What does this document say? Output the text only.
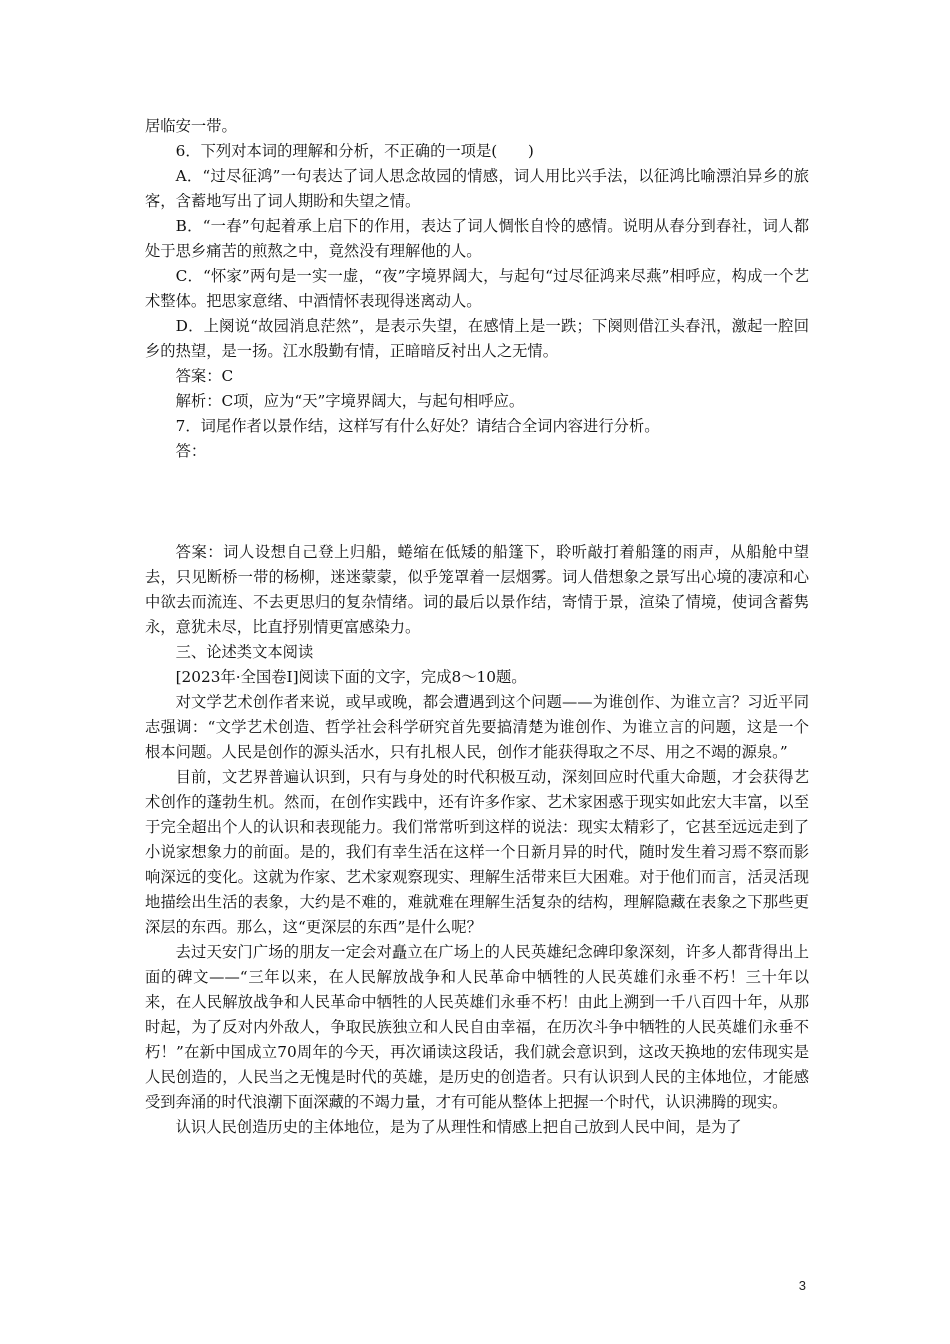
居临安一带。

6．下列对本词的理解和分析，不正确的一项是(　　)

A．“过尽征鸿”一句表达了词人思念故园的情感，词人用比兴手法，以征鸿比喻漂泊异乡的旅客，含蓄地写出了词人期盼和失望之情。

B．“一春”句起着承上启下的作用，表达了词人惆怅自怜的感情。说明从春分到春社，词人都处于思乡痛苦的煎熬之中，竟然没有理解他的人。

C．“怀家”两句是一实一虚，“夜”字境界阔大，与起句“过尽征鸿来尽燕”相呼应，构成一个艺术整体。把思家意绪、中酒情怀表现得迷离动人。

D．上阕说“故园消息茫然”，是表示失望，在感情上是一跌；下阕则借江头春汛，激起一腔回乡的热望，是一扬。江水殷勤有情，正暗暗反衬出人之无情。

答案：C

解析：C项，应为“天”字境界阔大，与起句相呼应。

7．词尾作者以景作结，这样写有什么好处？请结合全词内容进行分析。

答：

答案：词人设想自己登上归船，蜷缩在低矮的船篷下，聆听敲打着船篷的雨声，从船舱中望去，只见断桥一带的杨柳，迷迷蒙蒙，似乎笼罩着一层烟雾。词人借想象之景写出心境的凄凉和心中欲去而流连、不去更思归的复杂情绪。词的最后以景作结，寄情于景，渲染了情境，使词含蓄隽永，意犹未尽，比直抒别情更富感染力。

三、论述类文本阅读

[2023年·全国卷Ⅰ]阅读下面的文字，完成8～10题。

对文学艺术创作者来说，或早或晚，都会遭遇到这个问题——为谁创作、为谁立言？习近平同志强调：“文学艺术创造、哲学社会科学研究首先要搞清楚为谁创作、为谁立言的问题，这是一个根本问题。人民是创作的源头活水，只有扎根人民，创作才能获得取之不尽、用之不竭的源泉。”

目前，文艺界普遍认识到，只有与身处的时代积极互动，深刻回应时代重大命题，才会获得艺术创作的蓬勃生机。然而，在创作实践中，还有许多作家、艺术家困惑于现实如此宏大丰富，以至于完全超出个人的认识和表现能力。我们常常听到这样的说法：现实太精彩了，它甚至远远走到了小说家想象力的前面。是的，我们有幸生活在这样一个日新月异的时代，随时发生着习焉不察而影响深远的变化。这就为作家、艺术家观察现实、理解生活带来巨大困难。对于他们而言，活灵活现地描绘出生活的表象，大约是不难的，难就难在理解生活复杂的结构，理解隐藏在表象之下那些更深层的东西。那么，这“更深层的东西”是什么呢？

去过天安门广场的朋友一定会对矗立在广场上的人民英雄纪念碑印象深刻，许多人都背得出上面的碑文——“三年以来，在人民解放战争和人民革命中牺牲的人民英雄们永垂不朽！三十年以来，在人民解放战争和人民革命中牺牲的人民英雄们永垂不朽！由此上溯到一千八百四十年，从那时起，为了反对内外敌人，争取民族独立和人民自由幸福，在历次斗争中牺牲的人民英雄们永垂不朽！”在新中国成立70周年的今天，再次诵读这段话，我们就会意识到，这改天换地的宏伟现实是人民创造的，人民当之无愧是时代的英雄，是历史的创造者。只有认识到人民的主体地位，才能感受到奔涌的时代浪潮下面深藏的不竭力量，才有可能从整体上把握一个时代，认识沸腾的现实。

认识人民创造历史的主体地位，是为了从理性和情感上把自己放到人民中间，是为了

3
